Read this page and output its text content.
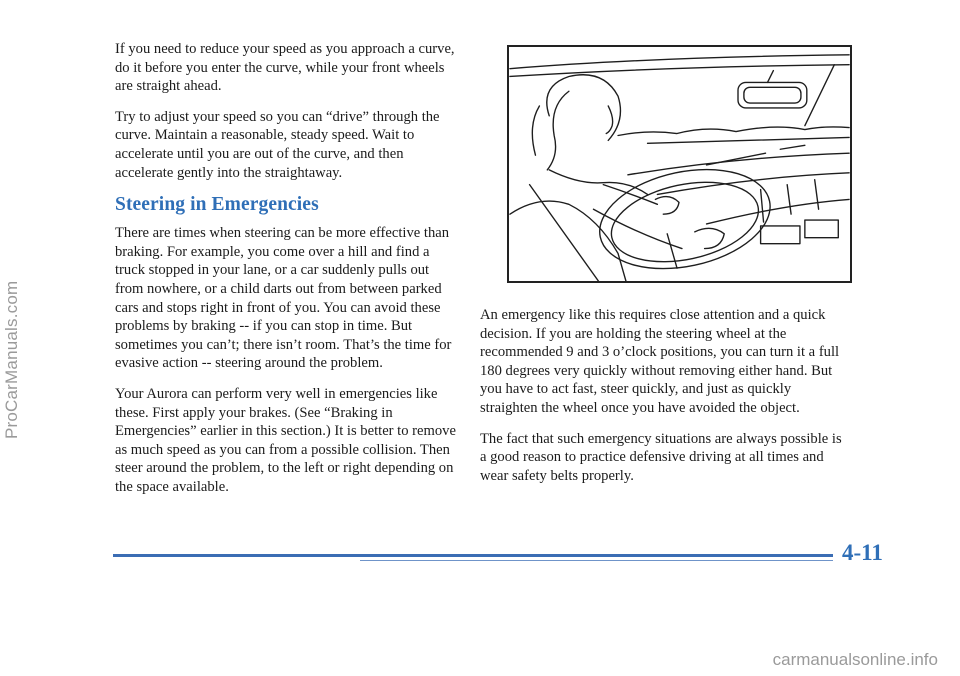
ProCarManuals.com

If you need to reduce your speed as you approach a curve, do it before you enter the curve, while your front wheels are straight ahead.

Try to adjust your speed so you can “drive” through the curve. Maintain a reasonable, steady speed. Wait to accelerate until you are out of the curve, and then accelerate gently into the straightaway.

Steering in Emergencies

There are times when steering can be more effective than braking. For example, you come over a hill and find a truck stopped in your lane, or a car suddenly pulls out from nowhere, or a child darts out from between parked cars and stops right in front of you. You can avoid these problems by braking -- if you can stop in time. But sometimes you can’t; there isn’t room. That’s the time for evasive action -- steering around the problem.

Your Aurora can perform very well in emergencies like these. First apply your brakes. (See “Braking in Emergencies” earlier in this section.) It is better to remove as much speed as you can from a possible collision. Then steer around the problem, to the left or right depending on the space available.

An emergency like this requires close attention and a quick decision. If you are holding the steering wheel at the recommended 9 and 3 o’clock positions, you can turn it a full 180 degrees very quickly without removing either hand. But you have to act fast, steer quickly, and just as quickly straighten the wheel once you have avoided the object.

The fact that such emergency situations are always possible is a good reason to practice defensive driving at all times and wear safety belts properly.

4-11
carmanualsonline.info
